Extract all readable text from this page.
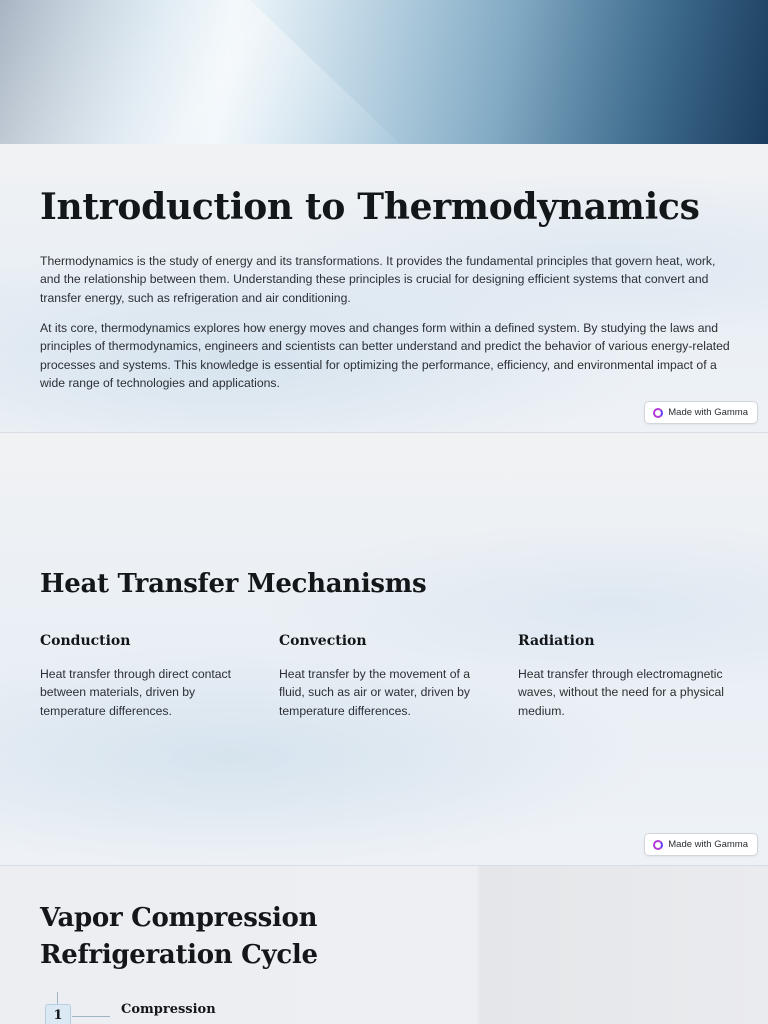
Introduction to Thermodynamics

Thermodynamics is the study of energy and its transformations. It provides the fundamental principles that govern heat, work, and the relationship between them. Understanding these principles is crucial for designing efficient systems that convert and transfer energy, such as refrigeration and air conditioning.

At its core, thermodynamics explores how energy moves and changes form within a defined system. By studying the laws and principles of thermodynamics, engineers and scientists can better understand and predict the behavior of various energy-related processes and systems. This knowledge is essential for optimizing the performance, efficiency, and environmental impact of a wide range of technologies and applications.

Made with Gamma
Heat Transfer Mechanisms
Conduction

Heat transfer through direct contact between materials, driven by temperature differences.

Convection

Heat transfer by the movement of a fluid, such as air or water, driven by temperature differences.

Radiation

Heat transfer through electromagnetic waves, without the need for a physical medium.

Made with Gamma
Vapor Compression Refrigeration Cycle
1	Compression
